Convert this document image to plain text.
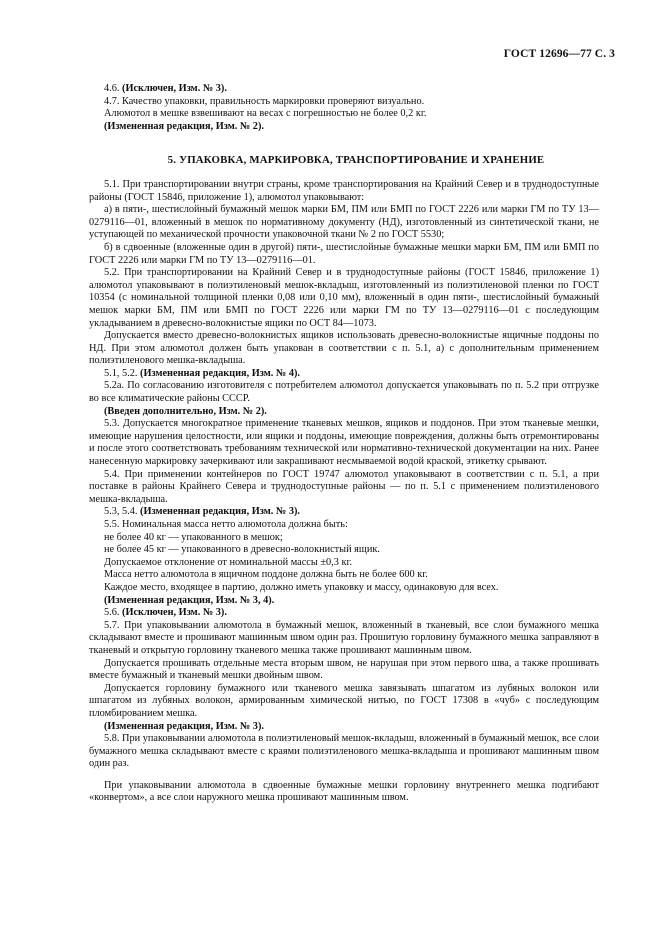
ГОСТ 12696—77 С. 3

4.6. (Исключен, Изм. № 3).

4.7. Качество упаковки, правильность маркировки проверяют визуально.

Алюмотол в мешке взвешивают на весах с погрешностью не более 0,2 кг.

(Измененная редакция, Изм. № 2).

5. УПАКОВКА, МАРКИРОВКА, ТРАНСПОРТИРОВАНИЕ И ХРАНЕНИЕ

5.1. При транспортировании внутри страны, кроме транспортирования на Крайний Север и в труднодоступные районы (ГОСТ 15846, приложение 1), алюмотол упаковывают:

а) в пяти-, шестислойный бумажный мешок марки БМ, ПМ или БМП по ГОСТ 2226 или марки ГМ по ТУ 13—0279116—01, вложенный в мешок по нормативному документу (НД), изготовленный из синтетической ткани, не уступающей по механической прочности упаковочной ткани № 2 по ГОСТ 5530;

б) в сдвоенные (вложенные один в другой) пяти-, шестислойные бумажные мешки марки БМ, ПМ или БМП по ГОСТ 2226 или марки ГМ по ТУ 13—0279116—01.

5.2. При транспортировании на Крайний Север и в труднодоступные районы (ГОСТ 15846, приложение 1) алюмотол упаковывают в полиэтиленовый мешок-вкладыш, изготовленный из полиэтиленовой пленки по ГОСТ 10354 (с номинальной толщиной пленки 0,08 или 0,10 мм), вложенный в один пяти-, шестислойный бумажный мешок марки БМ, ПМ или БМП по ГОСТ 2226 или марки ГМ по ТУ 13—0279116—01 с последующим укладыванием в древесно-волокнистые ящики по ОСТ 84—1073.

Допускается вместо древесно-волокнистых ящиков использовать древесно-волокнистые ящичные поддоны по НД. При этом алюмотол должен быть упакован в соответствии с п. 5.1, а) с дополнительным применением полиэтиленового мешка-вкладыша.

5.1, 5.2. (Измененная редакция, Изм. № 4).

5.2а. По согласованию изготовителя с потребителем алюмотол допускается упаковывать по п. 5.2 при отгрузке во все климатические районы СССР.

(Введен дополнительно, Изм. № 2).

5.3. Допускается многократное применение тканевых мешков, ящиков и поддонов. При этом тканевые мешки, имеющие нарушения целостности, или ящики и поддоны, имеющие повреждения, должны быть отремонтированы и после этого соответствовать требованиям технической или нормативно-технической документации на них. Ранее нанесенную маркировку зачеркивают или закрашивают несмываемой водой краской, этикетку срывают.

5.4. При применении контейнеров по ГОСТ 19747 алюмотол упаковывают в соответствии с п. 5.1, а при поставке в районы Крайнего Севера и труднодоступные районы — по п. 5.1 с применением полиэтиленового мешка-вкладыша.

5.3, 5.4. (Измененная редакция, Изм. № 3).

5.5. Номинальная масса нетто алюмотола должна быть:

не более 40 кг — упакованного в мешок;

не более 45 кг — упакованного в древесно-волокнистый ящик.

Допускаемое отклонение от номинальной массы ±0,3 кг.

Масса нетто алюмотола в ящичном поддоне должна быть не более 600 кг.

Каждое место, входящее в партию, должно иметь упаковку и массу, одинаковую для всех.

(Измененная редакция, Изм. № 3, 4).

5.6. (Исключен, Изм. № 3).

5.7. При упаковывании алюмотола в бумажный мешок, вложенный в тканевый, все слои бумажного мешка складывают вместе и прошивают машинным швом один раз. Прошитую горловину бумажного мешка заправляют в тканевый и открытую горловину тканевого мешка также прошивают машинным швом.

Допускается прошивать отдельные места вторым швом, не нарушая при этом первого шва, а также прошивать вместе бумажный и тканевый мешки двойным швом.

Допускается горловину бумажного или тканевого мешка завязывать шпагатом из лубяных волокон или шпагатом из лубяных волокон, армированным химической нитью, по ГОСТ 17308 в «чуб» с последующим пломбированием мешка.

(Измененная редакция, Изм. № 3).

5.8. При упаковывании алюмотола в полиэтиленовый мешок-вкладыш, вложенный в бумажный мешок, все слои бумажного мешка складывают вместе с краями полиэтиленового мешка-вкладыша и прошивают машинным швом один раз.

При упаковывании алюмотола в сдвоенные бумажные мешки горловину внутреннего мешка подгибают «конвертом», а все слои наружного мешка прошивают машинным швом.
